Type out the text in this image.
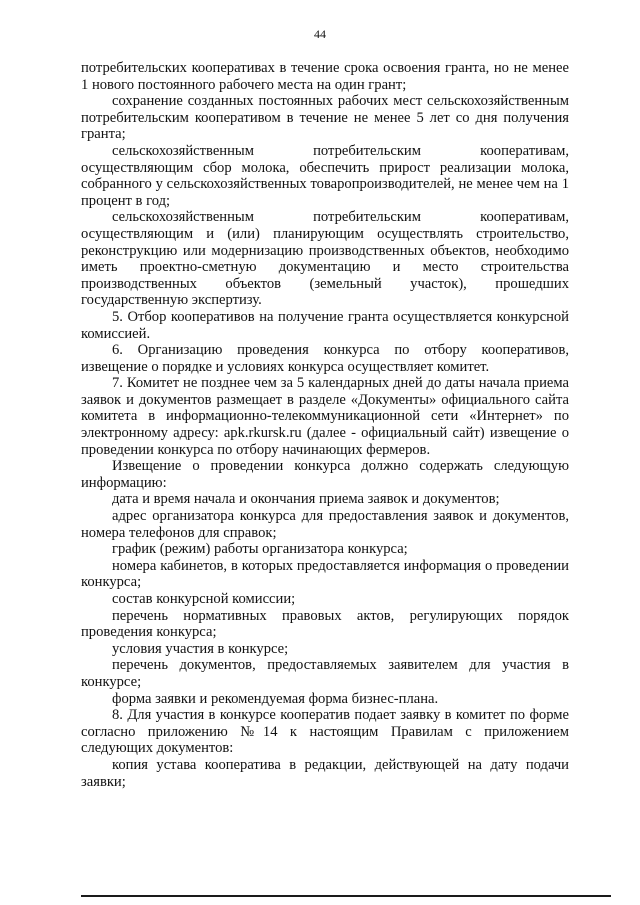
44

потребительских кооперативах в течение срока освоения гранта, но не менее 1 нового постоянного рабочего места на один грант;

сохранение созданных постоянных рабочих мест сельскохозяйственным потребительским кооперативом в течение не менее 5 лет со дня получения гранта;

сельскохозяйственным потребительским кооперативам, осуществляющим сбор молока, обеспечить прирост реализации молока, собранного у сельскохозяйственных товаропроизводителей, не менее чем на 1 процент в год;

сельскохозяйственным потребительским кооперативам, осуществляющим и (или) планирующим осуществлять строительство, реконструкцию или модернизацию производственных объектов, необходимо иметь проектно-сметную документацию и место строительства производственных объектов (земельный участок), прошедших государственную экспертизу.

5. Отбор кооперативов на получение гранта осуществляется конкурсной комиссией.

6. Организацию проведения конкурса по отбору кооперативов, извещение о порядке и условиях конкурса осуществляет комитет.

7. Комитет не позднее чем за 5 календарных дней до даты начала приема заявок и документов размещает в разделе «Документы» официального сайта комитета в информационно-телекоммуникационной сети «Интернет» по электронному адресу: apk.rkursk.ru (далее - официальный сайт) извещение о проведении конкурса по отбору начинающих фермеров.

Извещение о проведении конкурса должно содержать следующую информацию:

дата и время начала и окончания приема заявок и документов;

адрес организатора конкурса для предоставления заявок и документов, номера телефонов для справок;

график (режим) работы организатора конкурса;

номера кабинетов, в которых предоставляется информация о проведении конкурса;

состав конкурсной комиссии;

перечень нормативных правовых актов, регулирующих порядок проведения конкурса;

условия участия в конкурсе;

перечень документов, предоставляемых заявителем для участия в конкурсе;

форма заявки и рекомендуемая форма бизнес-плана.

8. Для участия в конкурсе кооператив подает заявку в комитет по форме согласно приложению №14 к настоящим Правилам с приложением следующих документов:

копия устава кооператива в редакции, действующей на дату подачи заявки;
